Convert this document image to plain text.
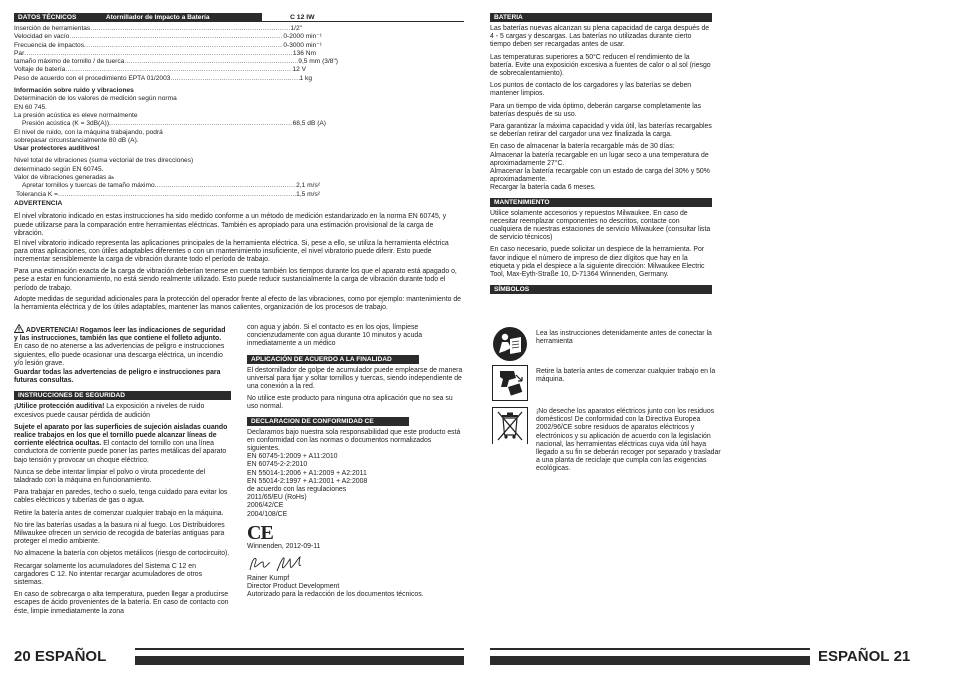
DATOS TÉCNICOS	Atornillador de Impacto a Batería	C 12 IW
Inserción de herramientas .....	1/2"
Velocidad en vacío .....	0-2000 min⁻¹
Frecuencia de impactos .....	0-3000 min⁻¹
Par .....	136 Nm
tamaño máximo de tornillo / de tuerca .....	9,5 mm (3/8")
Voltaje de batería .....	12 V
Peso de acuerdo con el procedimiento EPTA 01/2003 .....	1 kg
Información sobre ruido y vibraciones
Determinación de los valores de medición según norma
EN 60 745.
La presión acústica es eleve normalmente
Presión acústica (K = 3dB(A)) .....	68,5 dB (A)
El nivel de ruido, con la máquina trabajando, podrá
sobrepasar circunstancialmente 80 dB (A).
Usar protectores auditivos!
Nivel total de vibraciones (suma vectorial de tres direcciones)
determinado según EN 60745.
Valor de vibraciones generadas aₕ
Apretar tornillos y tuercas de tamaño máximo .....	2,1 m/s²
Tolerancia K = .....	1,5 m/s²

ADVERTENCIA

El nivel vibratorio indicado en estas instrucciones ha sido medido conforme a un método de medición estandarizado en la norma EN 60745, y puede utilizarse para la comparación entre herramientas eléctricas. También es apropiado para una estimación provisional de la carga de vibración.

El nivel vibratorio indicado representa las aplicaciones principales de la herramienta eléctrica. Si, pese a ello, se utiliza la herramienta eléctrica para otras aplicaciones, con útiles adaptables diferentes o con un mantenimiento insuficiente, el nivel vibratorio puede diferir. Esto puede incrementar sensiblemente la carga de vibración durante todo el período de trabajo.

Para una estimación exacta de la carga de vibración deberían tenerse en cuenta también los tiempos durante los que el aparato está apagado o, pese a estar en funcionamiento, no está siendo realmente utilizado. Esto puede reducir sustancialmente la carga de vibración durante todo el período de trabajo.

Adopte medidas de seguridad adicionales para la protección del operador frente al efecto de las vibraciones, como por ejemplo: mantenimiento de la herramienta eléctrica y de los útiles adaptables, mantener las manos calientes, organización de los procesos de trabajo.

ADVERTENCIA! Rogamos leer las indicaciones de seguridad y las instrucciones, también las que contiene el folleto adjunto. En caso de no atenerse a las advertencias de peligro e instrucciones siguientes, ello puede ocasionar una descarga eléctrica, un incendio y/o lesión grave.

Guardar todas las advertencias de peligro e instrucciones para futuras consultas.

INSTRUCCIONES DE SEGURIDAD

¡Utilice protección auditiva! La exposición a niveles de ruido excesivos puede causar pérdida de audición

Sujete el aparato por las superficies de sujeción aisladas cuando realice trabajos en los que el tornillo puede alcanzar líneas de corriente eléctrica ocultas. El contacto del tornillo con una línea conductora de corriente puede poner las partes metálicas del aparato bajo tensión y provocar un choque eléctrico.

Nunca se debe intentar limpiar el polvo o viruta procedente del taladrado con la máquina en funcionamiento.

Para trabajar en paredes, techo o suelo, tenga cuidado para evitar los cables eléctricos y tuberías de gas o agua.

Retire la batería antes de comenzar cualquier trabajo en la máquina.

No tire las baterías usadas a la basura ni al fuego. Los Distribuidores Milwaukee ofrecen un servicio de recogida de baterías antiguas para proteger el medio ambiente.

No almacene la batería con objetos metálicos (riesgo de cortocircuito).

Recargar solamente los acumuladores del Sistema C 12 en cargadores C 12. No intentar recargar acumuladores de otros sistemas.

En caso de sobrecarga o alta temperatura, pueden llegar a producirse escapes de ácido provenientes de la batería. En caso de contacto con éste, limpie inmediatamente la zona

con agua y jabón. Si el contacto es en los ojos, límpiese concienzudamente con agua durante 10 minutos y acuda inmediatamente a un médico

APLICACIÓN DE ACUERDO A LA FINALIDAD

El destornillador de golpe de acumulador puede emplearse de manera universal para fijar y soltar tornillos y tuercas, siendo independiente de una conexión a la red.

No utilice este producto para ninguna otra aplicación que no sea su uso normal.

DECLARACION DE CONFORMIDAD CE

Declaramos bajo nuestra sola responsabilidad que este producto está en conformidad con las normas o documentos normalizados siguientes.

EN 60745-1:2009 + A11:2010
EN 60745-2-2:2010
EN 55014-1:2006 + A1:2009 + A2:2011
EN 55014-2:1997 + A1:2001 + A2:2008
de acuerdo con las regulaciones
2011/65/EU (RoHs)
2006/42/CE
2004/108/CE
CE
Winnenden, 2012-09-11
Rainer Kumpf
Director Product Development
Autorizado para la redacción de los documentos técnicos.
20 ESPAÑOL
BATERIA

Las baterías nuevas alcanzan su plena capacidad de carga después de 4 - 5 cargas y descargas. Las baterías no utilizadas durante cierto tiempo deben ser recargadas antes de usar.

Las temperaturas superiores a 50°C reducen el rendimiento de la batería. Evite una exposición excesiva a fuentes de calor o al sol (riesgo de sobrecalentamiento).

Los puntos de contacto de los cargadores y las baterías se deben mantener limpios.

Para un tiempo de vida óptimo, deberán cargarse completamente las baterías después de su uso.

Para garantizar la máxima capacidad y vida útil, las baterías recargables se deberían retirar del cargador una vez finalizada la carga.

En caso de almacenar la batería recargable más de 30 días:
Almacenar la batería recargable en un lugar seco a una temperatura de aproximadamente 27°C.
Almacenar la batería recargable con un estado de carga del 30% y 50% aproximadamente.
Recargar la batería cada 6 meses.
MANTENIMIENTO

Utilice solamente accesorios y repuestos Milwaukee. En caso de necesitar reemplazar componentes no descritos, contacte con cualquiera de nuestras estaciones de servicio Milwaukee (consultar lista de servicio técnicos)

En caso necesario, puede solicitar un despiece de la herramienta. Por favor indique el número de impreso de diez dígitos que hay en la etiqueta y pida el despiece a la siguiente dirección: Milwaukee Electric Tool, Max-Eyth-Straße 10, D-71364 Winnenden, Germany.

SÍMBOLOS
Lea las instrucciones detenidamente antes de conectar la herramienta
Retire la batería antes de comenzar cualquier trabajo en la máquina.
¡No deseche los aparatos eléctricos junto con los residuos domésticos! De conformidad con la Directiva Europea 2002/96/CE sobre residuos de aparatos eléctricos y electrónicos y su aplicación de acuerdo con la legislación nacional, las herramientas eléctricas cuya vida útil haya llegado a su fin se deberán recoger por separado y trasladar a una planta de reciclaje que cumpla con las exigencias ecológicas.
ESPAÑOL 21
